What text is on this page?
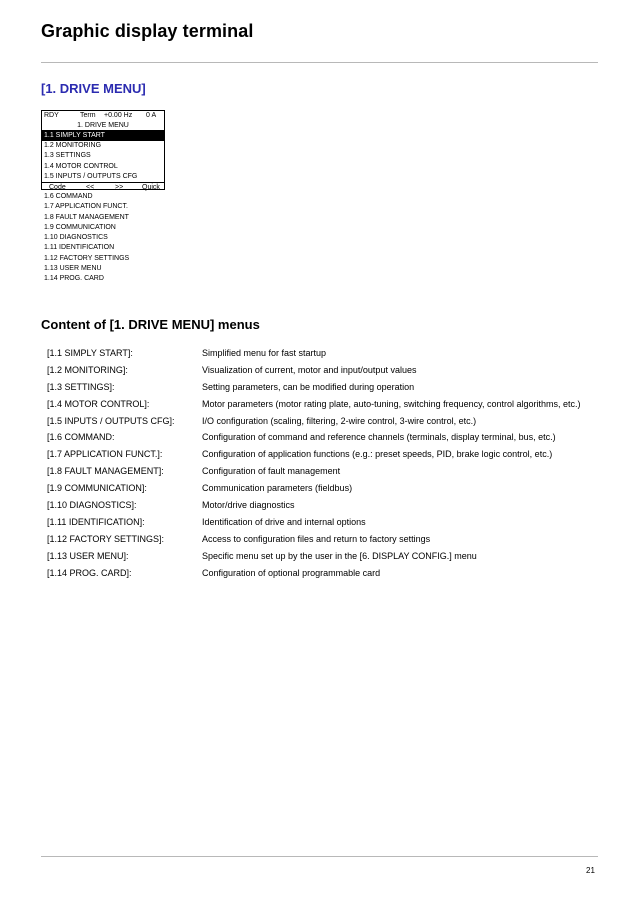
Graphic display terminal
[1. DRIVE MENU]
RDY	Term +0.00 Hz 0 A
1. DRIVE MENU
1.1 SIMPLY START
1.2 MONITORING
1.3 SETTINGS
1.4 MOTOR CONTROL
1.5 INPUTS / OUTPUTS CFG
Code	<<	>>	Quick
1.6 COMMAND
1.7 APPLICATION FUNCT.
1.8 FAULT MANAGEMENT
1.9 COMMUNICATION
1.10 DIAGNOSTICS
1.11 IDENTIFICATION
1.12 FACTORY SETTINGS
1.13 USER MENU
1.14 PROG. CARD
Content of [1. DRIVE MENU] menus
[1.1 SIMPLY START]:	Simplified menu for fast startup
[1.2 MONITORING]:	Visualization of current, motor and input/output values
[1.3 SETTINGS]:	Setting parameters, can be modified during operation
[1.4 MOTOR CONTROL]:	Motor parameters (motor rating plate, auto-tuning, switching frequency, control algorithms, etc.)
[1.5 INPUTS / OUTPUTS CFG]:	I/O configuration (scaling, filtering, 2-wire control, 3-wire control, etc.)
[1.6 COMMAND:	Configuration of command and reference channels (terminals, display terminal, bus, etc.)
[1.7 APPLICATION FUNCT.]:	Configuration of application functions (e.g.: preset speeds, PID, brake logic control, etc.)
[1.8 FAULT MANAGEMENT]:	Configuration of fault management
[1.9 COMMUNICATION]:	Communication parameters (fieldbus)
[1.10 DIAGNOSTICS]:	Motor/drive diagnostics
[1.11 IDENTIFICATION]:	Identification of drive and internal options
[1.12 FACTORY SETTINGS]:	Access to configuration files and return to factory settings
[1.13 USER MENU]:	Specific menu set up by the user in the [6. DISPLAY CONFIG.] menu
[1.14 PROG. CARD]:	Configuration of optional programmable card
21
